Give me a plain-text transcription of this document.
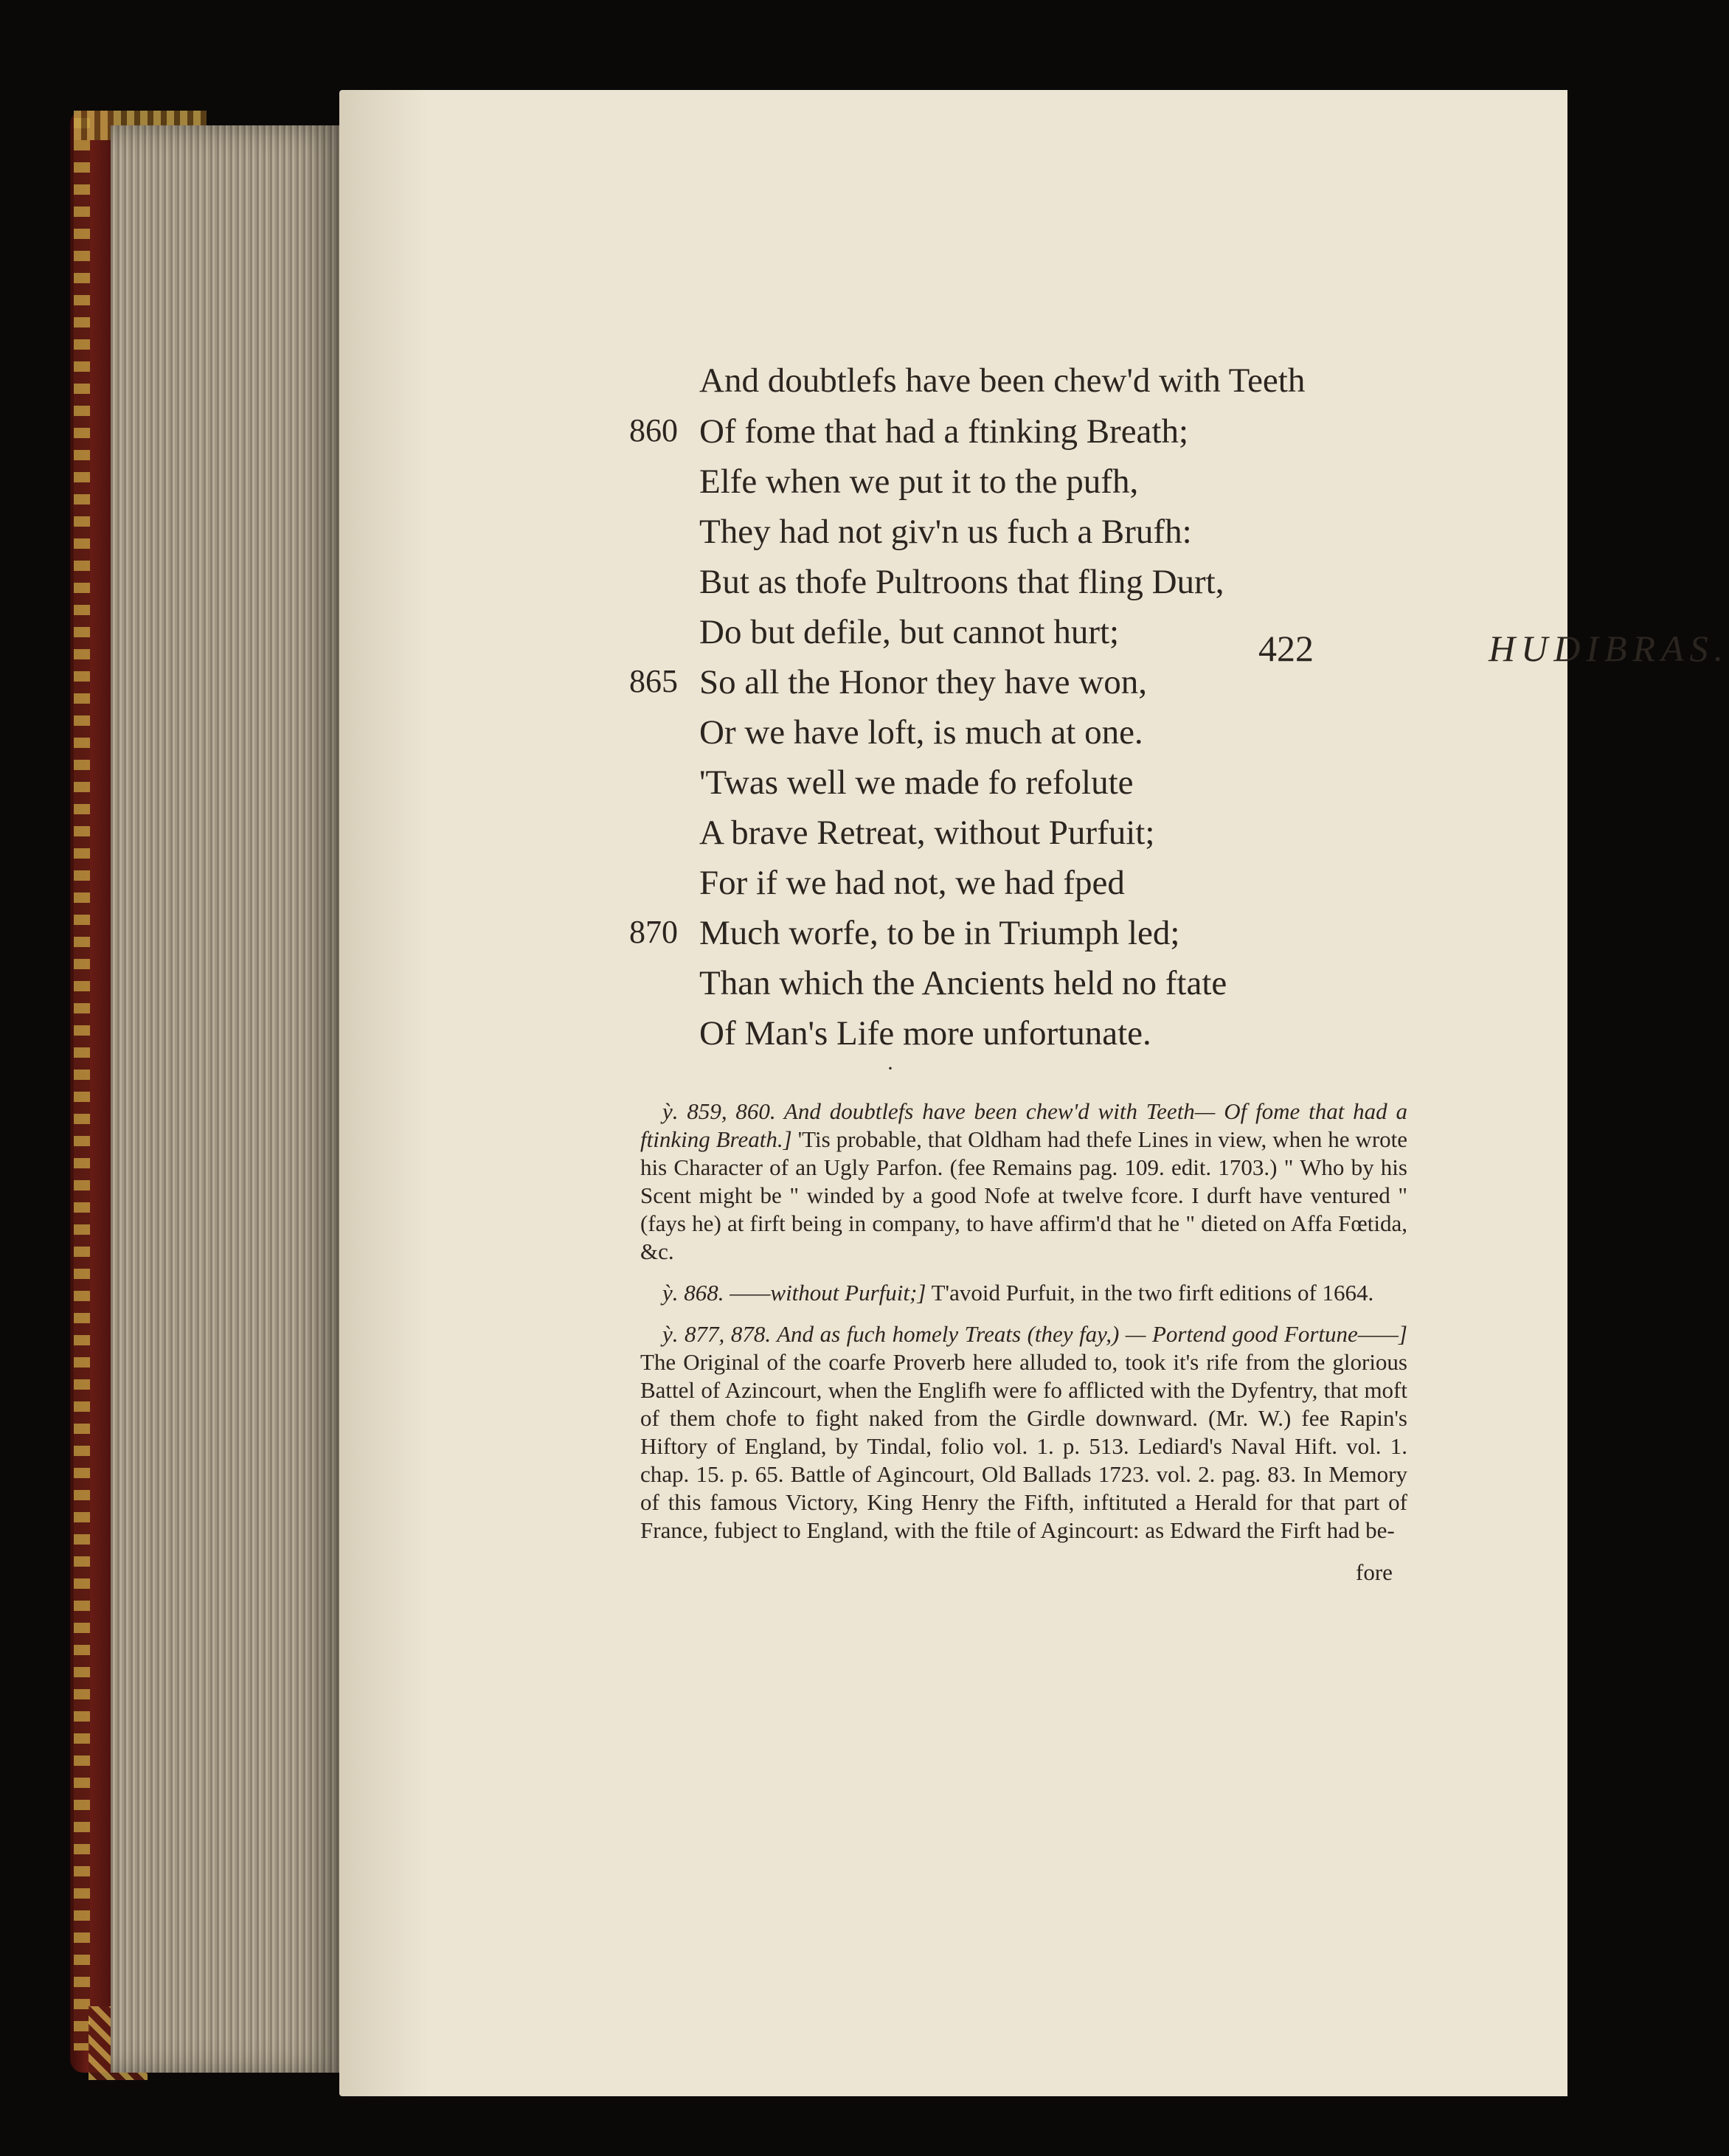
422	HUDIBRAS.
And doubtlefs have been chew'd with Teeth
860 Of fome that had a ftinking Breath;
Elfe when we put it to the pufh,
They had not giv'n us fuch a Brufh:
But as thofe Pultroons that fling Durt,
Do but defile, but cannot hurt;
865 So all the Honor they have won,
Or we have loft, is much at one.
'Twas well we made fo refolute
A brave Retreat, without Purfuit;
For if we had not, we had fped
870 Much worfe, to be in Triumph led;
Than which the Ancients held no ftate
Of Man's Life more unfortunate.
·

ỳ. 859, 860. And doubtlefs have been chew'd with Teeth— Of fome that had a ftinking Breath.] 'Tis probable, that Oldham had thefe Lines in view, when he wrote his Character of an Ugly Parfon. (fee Remains pag. 109. edit. 1703.) " Who by his Scent might be " winded by a good Nofe at twelve fcore. I durft have ventured " (fays he) at firft being in company, to have affirm'd that he " dieted on Affa Fœtida, &c.

ỳ. 868. ——without Purfuit;] T'avoid Purfuit, in the two firft editions of 1664.

ỳ. 877, 878. And as fuch homely Treats (they fay,) — Portend good Fortune——] The Original of the coarfe Proverb here alluded to, took it's rife from the glorious Battel of Azincourt, when the Englifh were fo afflicted with the Dyfentry, that moft of them chofe to fight naked from the Girdle downward. (Mr. W.) fee Rapin's Hiftory of England, by Tindal, folio vol. 1. p. 513. Lediard's Naval Hift. vol. 1. chap. 15. p. 65. Battle of Agincourt, Old Ballads 1723. vol. 2. pag. 83. In Memory of this famous Victory, King Henry the Fifth, inftituted a Herald for that part of France, fubject to England, with the ftile of Agincourt: as Edward the Firft had be-

fore
